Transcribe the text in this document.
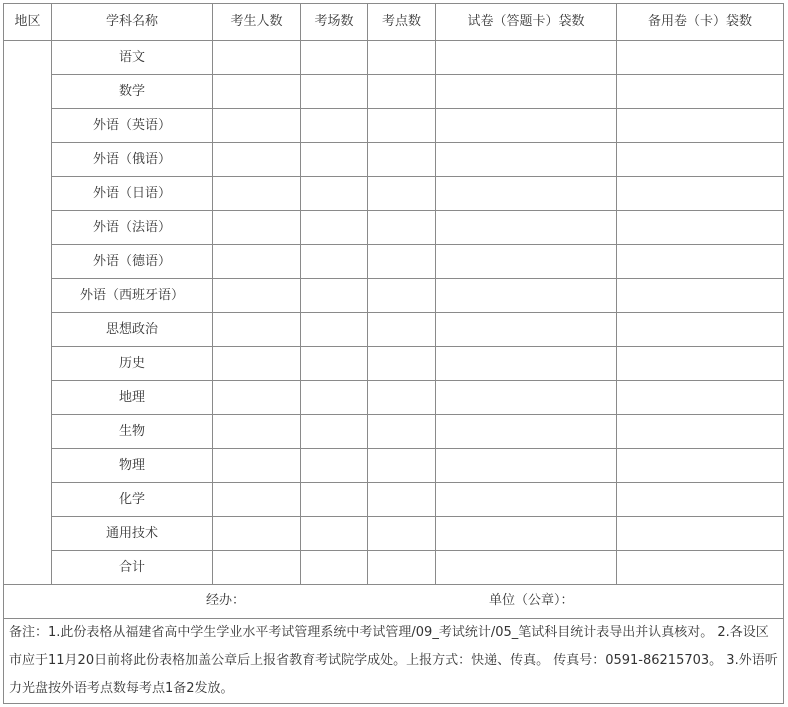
地区	学科名称	考生人数	考场数	考点数	试卷（答题卡）袋数	备用卷（卡）袋数
	语文					
	数学					
	外语（英语）					
	外语（俄语）					
	外语（日语）					
	外语（法语）					
	外语（德语）					
	外语（西班牙语）					
	思想政治					
	历史					
	地理					
	生物					
	物理					
	化学					
	通用技术					
	合计					

经办： 单位（公章）：						

备注：1.此份表格从福建省高中学生学业水平考试管理系统中考试管理/09_考试统计/05_笔试科目统计表导出并认真核对。 2.各设区市应于11月20日前将此份表格加盖公章后上报省教育考试院学成处。上报方式：快递、传真。 传真号：0591-86215703。 3.外语听力光盘按外语考点数每考点1备2发放。						
